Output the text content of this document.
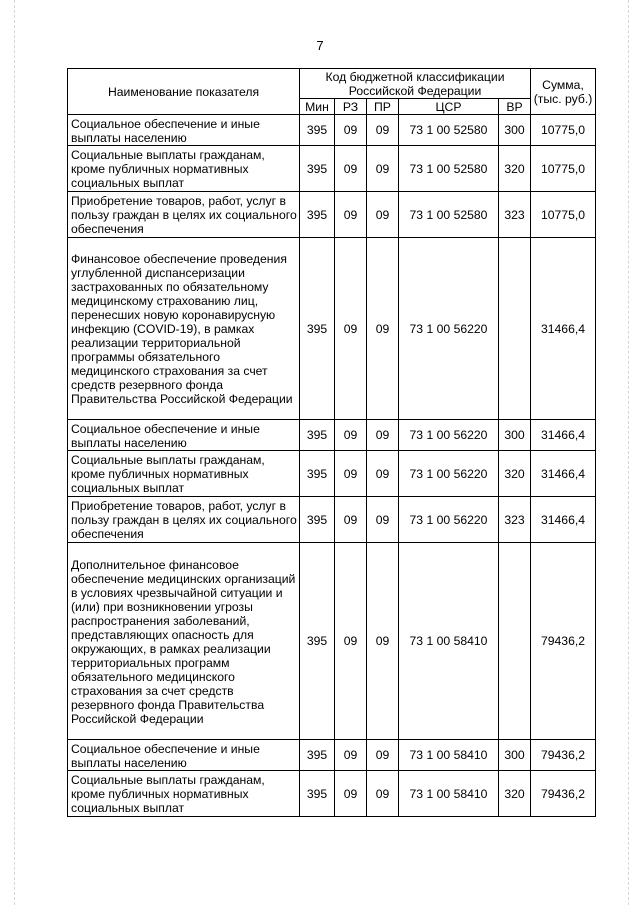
7
Наименование показателя	Код бюджетной классификации Российской Федерации					Сумма, (тыс. руб.)
	Мин	РЗ	ПР	ЦСР	ВР	
Социальное обеспечение и иные выплаты населению	395	09	09	73 1 00 52580	300	10775,0
Социальные выплаты гражданам, кроме публичных нормативных социальных выплат	395	09	09	73 1 00 52580	320	10775,0
Приобретение товаров, работ, услуг в пользу граждан в целях их социального обеспечения	395	09	09	73 1 00 52580	323	10775,0
Финансовое обеспечение проведения углубленной диспансеризации застрахованных по обязательному медицинскому страхованию лиц, перенесших новую коронавирусную инфекцию (COVID-19), в рамках реализации территориальной программы обязательного медицинского страхования за счет средств резервного фонда Правительства Российской Федерации	395	09	09	73 1 00 56220		31466,4
Социальное обеспечение и иные выплаты населению	395	09	09	73 1 00 56220	300	31466,4
Социальные выплаты гражданам, кроме публичных нормативных социальных выплат	395	09	09	73 1 00 56220	320	31466,4
Приобретение товаров, работ, услуг в пользу граждан в целях их социального обеспечения	395	09	09	73 1 00 56220	323	31466,4
Дополнительное финансовое обеспечение медицинских организаций в условиях чрезвычайной ситуации и (или) при возникновении угрозы распространения заболеваний, представляющих опасность для окружающих, в рамках реализации территориальных программ обязательного медицинского страхования за счет средств резервного фонда Правительства Российской Федерации	395	09	09	73 1 00 58410		79436,2
Социальное обеспечение и иные выплаты населению	395	09	09	73 1 00 58410	300	79436,2
Социальные выплаты гражданам, кроме публичных нормативных социальных выплат	395	09	09	73 1 00 58410	320	79436,2
